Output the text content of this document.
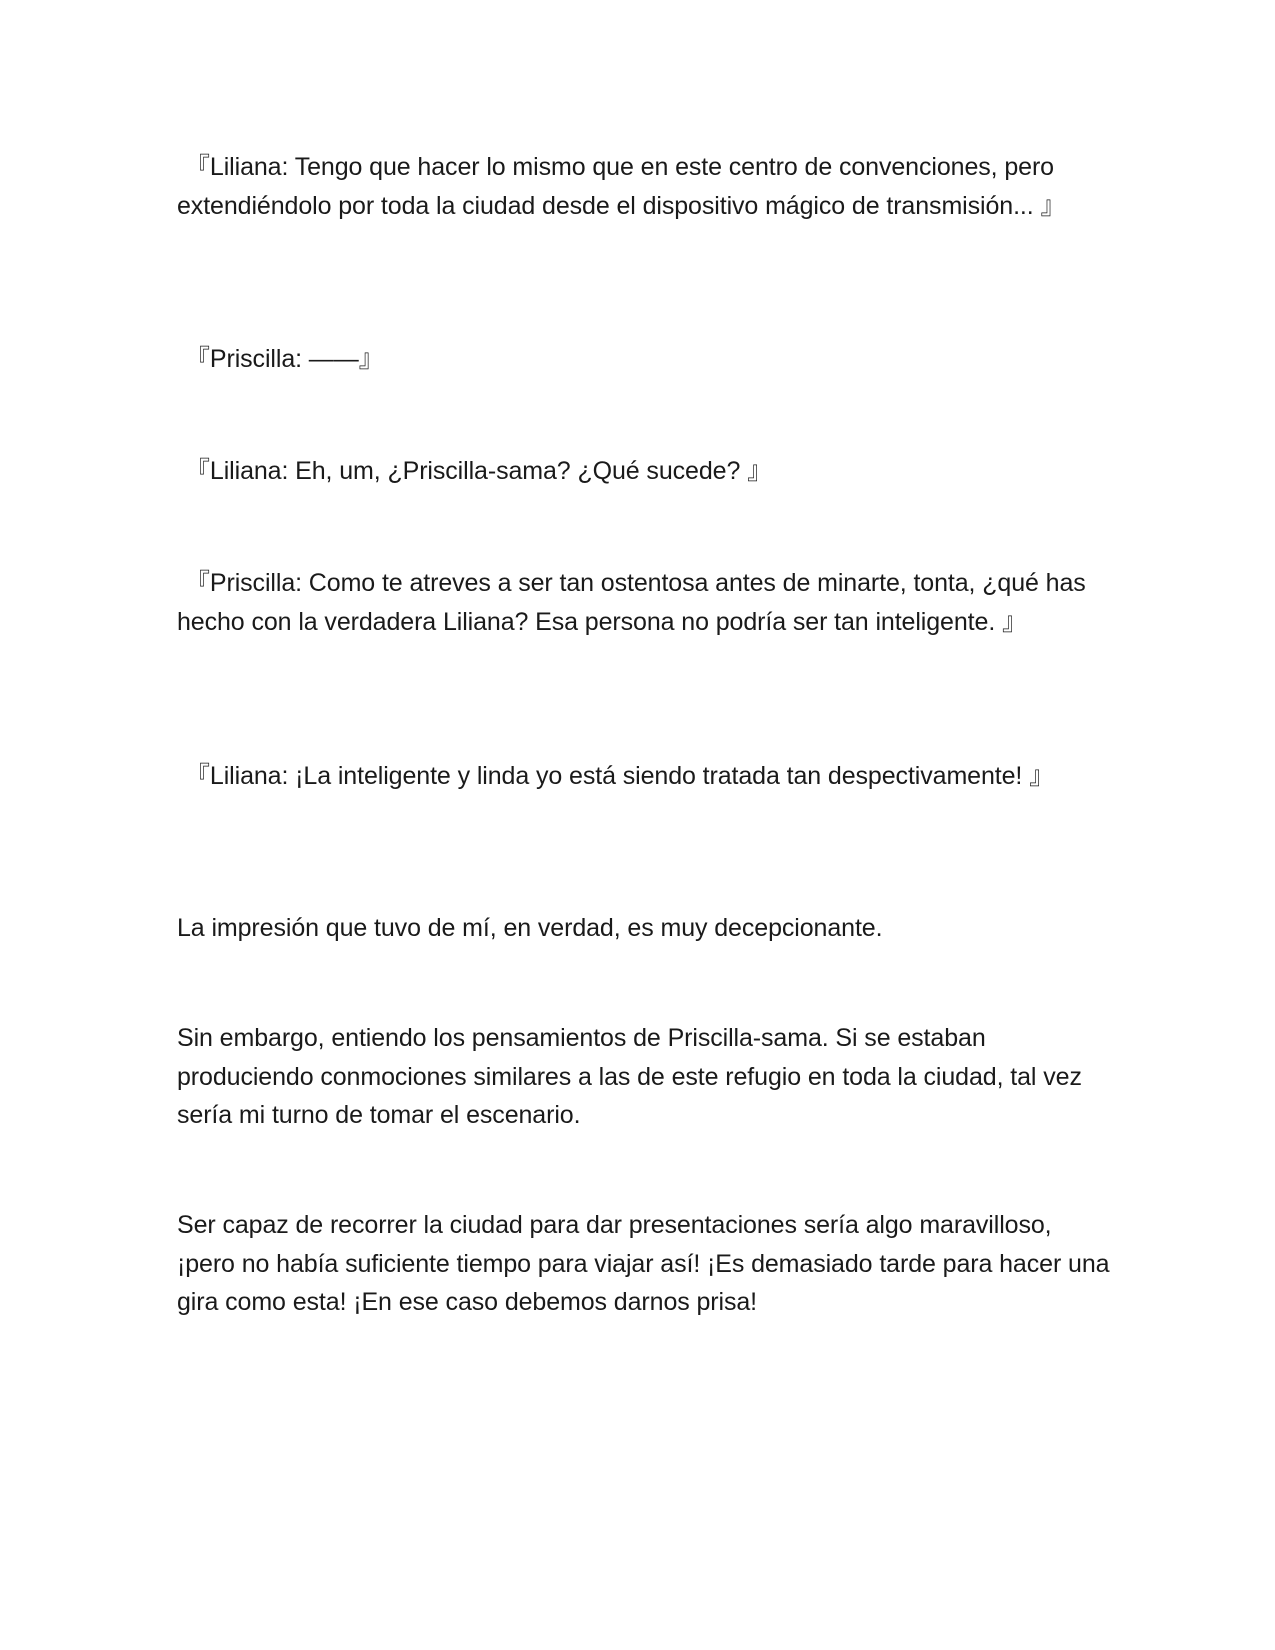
『Liliana: Tengo que hacer lo mismo que en este centro de convenciones, pero extendiéndolo por toda la ciudad desde el dispositivo mágico de transmisión... 』

『Priscilla: ——』

『Liliana: Eh, um, ¿Priscilla-sama? ¿Qué sucede? 』

『Priscilla: Como te atreves a ser tan ostentosa antes de minarte, tonta, ¿qué has hecho con la verdadera Liliana? Esa persona no podría ser tan inteligente. 』

『Liliana: ¡La inteligente y linda yo está siendo tratada tan despectivamente! 』

La impresión que tuvo de mí, en verdad, es muy decepcionante.

Sin embargo, entiendo los pensamientos de Priscilla-sama. Si se estaban produciendo conmociones similares a las de este refugio en toda la ciudad, tal vez sería mi turno de tomar el escenario.

Ser capaz de recorrer la ciudad para dar presentaciones sería algo maravilloso, ¡pero no había suficiente tiempo para viajar así! ¡Es demasiado tarde para hacer una gira como esta! ¡En ese caso debemos darnos prisa!
